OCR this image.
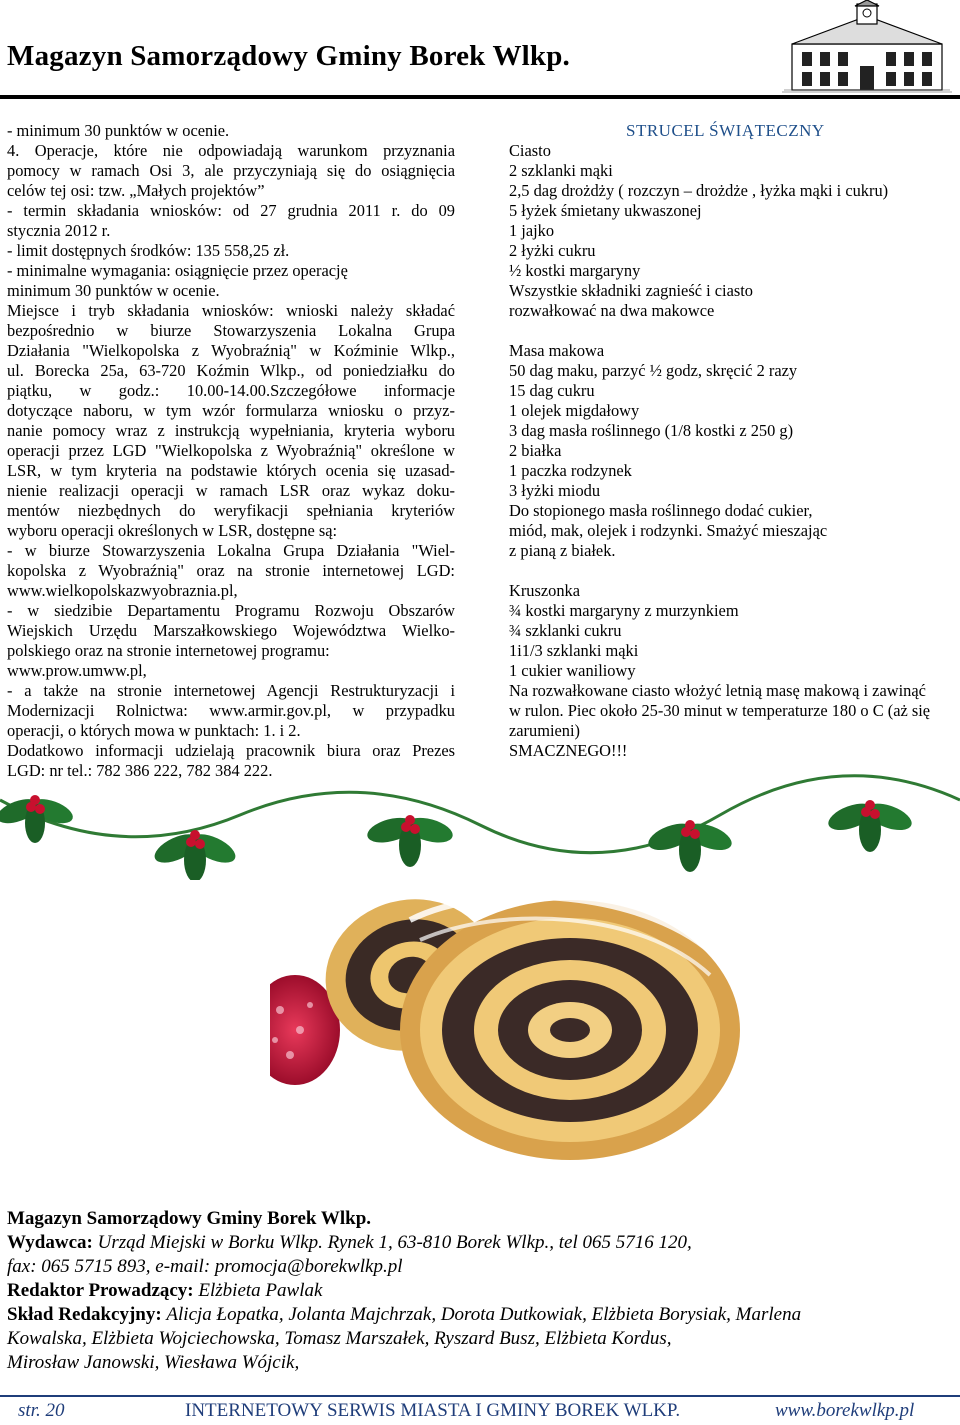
Magazyn Samorządowy Gminy Borek Wlkp.

- minimum 30 punktów w ocenie.

4. Operacje, które nie odpowiadają warunkom przyznania

pomocy w ramach Osi 3, ale przyczyniają się do osiągnięcia

celów tej osi: tzw. „Małych projektów”

- termin składania wniosków: od 27 grudnia 2011 r. do 09

stycznia 2012 r.

- limit dostępnych środków: 135 558,25 zł.

- minimalne wymagania: osiągnięcie przez operację

minimum 30 punktów w ocenie.

Miejsce i tryb składania wniosków: wnioski należy składać

bezpośrednio w biurze Stowarzyszenia Lokalna Grupa

Działania "Wielkopolska z Wyobraźnią" w Koźminie Wlkp.,

ul. Borecka 25a, 63-720 Koźmin Wlkp., od poniedziałku do

piątku, w godz.: 10.00-14.00.Szczegółowe informacje

dotyczące naboru, w tym wzór formularza wniosku o przyz-

nanie pomocy wraz z instrukcją wypełniania, kryteria wyboru

operacji przez LGD "Wielkopolska z Wyobraźnią" określone w

LSR, w tym kryteria na podstawie których ocenia się uzasad-

nienie realizacji operacji w ramach LSR oraz wykaz doku-

mentów niezbędnych do weryfikacji spełniania kryteriów

wyboru operacji określonych w LSR, dostępne są:

- w biurze Stowarzyszenia Lokalna Grupa Działania "Wiel-

kopolska z Wyobraźnią" oraz na stronie internetowej LGD:

www.wielkopolskazwyobraznia.pl,

- w siedzibie Departamentu Programu Rozwoju Obszarów

Wiejskich Urzędu Marszałkowskiego Województwa Wielko-

polskiego oraz na stronie internetowej programu:

www.prow.umww.pl,

- a także na stronie internetowej Agencji Restrukturyzacji i

Modernizacji Rolnictwa: www.armir.gov.pl, w przypadku

operacji, o których mowa w punktach: 1. i 2.

Dodatkowo informacji udzielają pracownik biura oraz Prezes

LGD: nr tel.: 782 386 222, 782 384 222.

STRUCEL ŚWIĄTECZNY

Ciasto

2 szklanki mąki

2,5 dag drożdży ( rozczyn – drożdże , łyżka mąki i cukru)

5 łyżek śmietany ukwaszonej

1 jajko

2 łyżki cukru

½ kostki margaryny

Wszystkie składniki zagnieść i ciasto

rozwałkować na dwa makowce

Masa makowa

50 dag maku, parzyć ½ godz, skręcić 2 razy

15 dag cukru

1 olejek migdałowy

3 dag masła roślinnego (1/8 kostki z 250 g)

2 białka

1 paczka rodzynek

3 łyżki miodu

Do stopionego masła roślinnego dodać cukier,

miód, mak, olejek i rodzynki. Smażyć mieszając

z pianą z białek.

Kruszonka

¾ kostki margaryny z murzynkiem

¾ szklanki cukru

1i1/3 szklanki mąki

1 cukier waniliowy

Na rozwałkowane ciasto włożyć letnią masę makową i zawinąć

w rulon. Piec około 25-30 minut w temperaturze 180 o C (aż się

zarumieni)

SMACZNEGO!!!

Magazyn Samorządowy Gminy Borek Wlkp.

Wydawca: Urząd Miejski w Borku Wlkp. Rynek 1, 63-810 Borek Wlkp., tel 065 5716 120,

fax: 065 5715 893, e-mail: promocja@borekwlkp.pl

Redaktor Prowadzący: Elżbieta Pawlak

Skład Redakcyjny: Alicja Łopatka, Jolanta Majchrzak, Dorota Dutkowiak, Elżbieta Borysiak, Marlena

Kowalska, Elżbieta Wojciechowska, Tomasz Marszałek, Ryszard Busz, Elżbieta Kordus,

Mirosław Janowski, Wiesława Wójcik,

str. 20	INTERNETOWY SERWIS MIASTA I GMINY BOREK WLKP.	www.borekwlkp.pl
